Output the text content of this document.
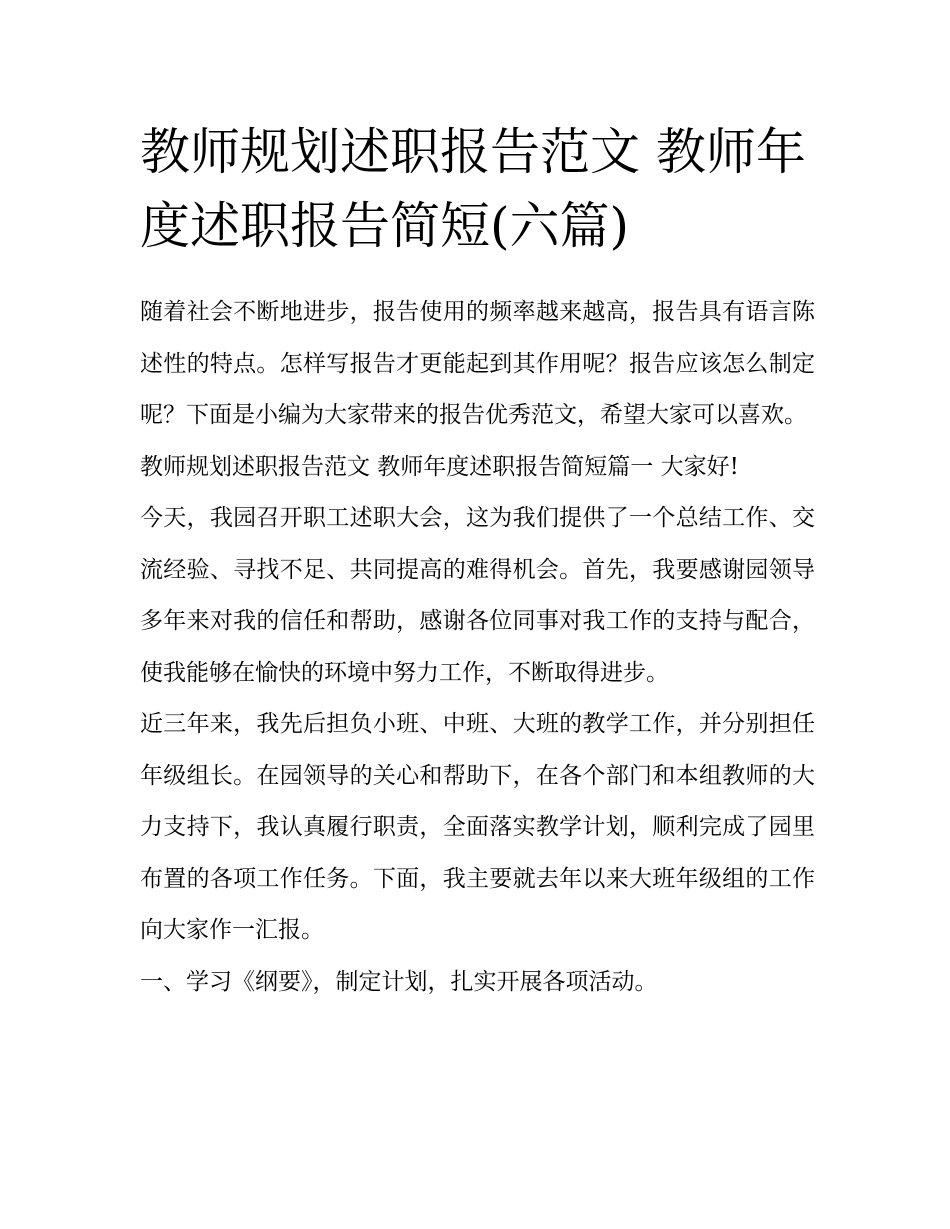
教师规划述职报告范文 教师年度述职报告简短(六篇)

随着社会不断地进步，报告使用的频率越来越高，报告具有语言陈述性的特点。怎样写报告才更能起到其作用呢？报告应该怎么制定呢？下面是小编为大家带来的报告优秀范文，希望大家可以喜欢。

教师规划述职报告范文 教师年度述职报告简短篇一 大家好!

今天，我园召开职工述职大会，这为我们提供了一个总结工作、交流经验、寻找不足、共同提高的难得机会。首先，我要感谢园领导多年来对我的信任和帮助，感谢各位同事对我工作的支持与配合，使我能够在愉快的环境中努力工作，不断取得进步。

近三年来，我先后担负小班、中班、大班的教学工作，并分别担任年级组长。在园领导的关心和帮助下，在各个部门和本组教师的大力支持下，我认真履行职责，全面落实教学计划，顺利完成了园里布置的各项工作任务。下面，我主要就去年以来大班年级组的工作向大家作一汇报。

一、学习《纲要》，制定计划，扎实开展各项活动。
